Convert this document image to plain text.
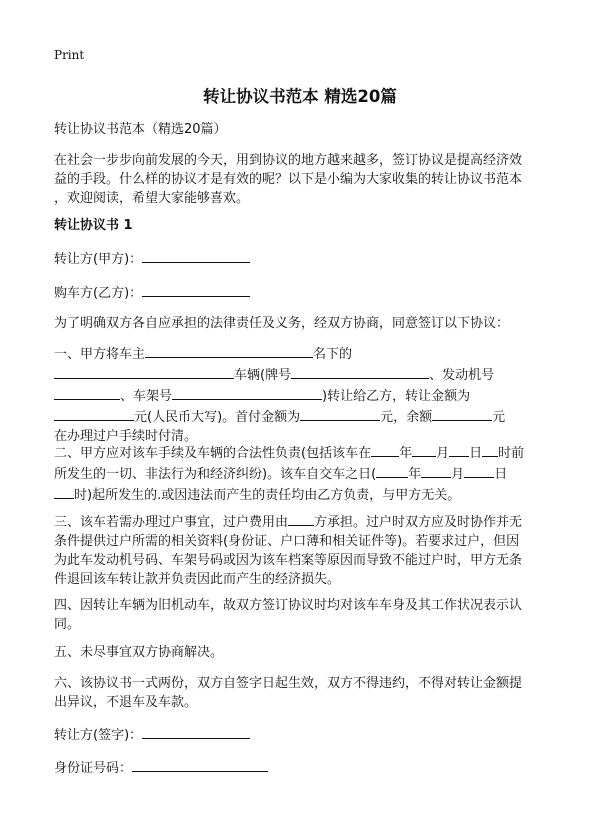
Print
转让协议书范本 精选20篇
转让协议书范本（精选20篇）
在社会一步步向前发展的今天，用到协议的地方越来越多，签订协议是提高经济效
益的手段。什么样的协议才是有效的呢？以下是小编为大家收集的转让协议书范本
，欢迎阅读，希望大家能够喜欢。
转让协议书 1
转让方(甲方)：
购车方(乙方)：
为了明确双方各自应承担的法律责任及义务，经双方协商，同意签订以下协议：
一、甲方将车主	名下的
车辆(牌号	、发动机号
、车架号	)转让给乙方，转让金额为
元(人民币大写)。首付金额为	元，余额	元
在办理过户手续时付清。
二、甲方应对该车手续及车辆的合法性负责(包括该车在 年 月 日 时前
所发生的一切、非法行为和经济纠纷)。该车自交车之日( 年 月 日
时)起所发生的.或因违法而产生的责任均由乙方负责，与甲方无关。
三、该车若需办理过户事宜，过户费用由 方承担。过户时双方应及时协作并无
条件提供过户所需的相关资料(身份证、户口薄和相关证件等)。若要求过户，但因
为此车发动机号码、车架号码或因为该车档案等原因而导致不能过户时，甲方无条
件退回该车转让款并负责因此而产生的经济损失。
四、因转让车辆为旧机动车，故双方签订协议时均对该车车身及其工作状况表示认
同。
五、未尽事宜双方协商解决。
六、该协议书一式两份，双方自签字日起生效，双方不得违约，不得对转让金额提
出异议，不退车及车款。
转让方(签字)：
身份证号码：
